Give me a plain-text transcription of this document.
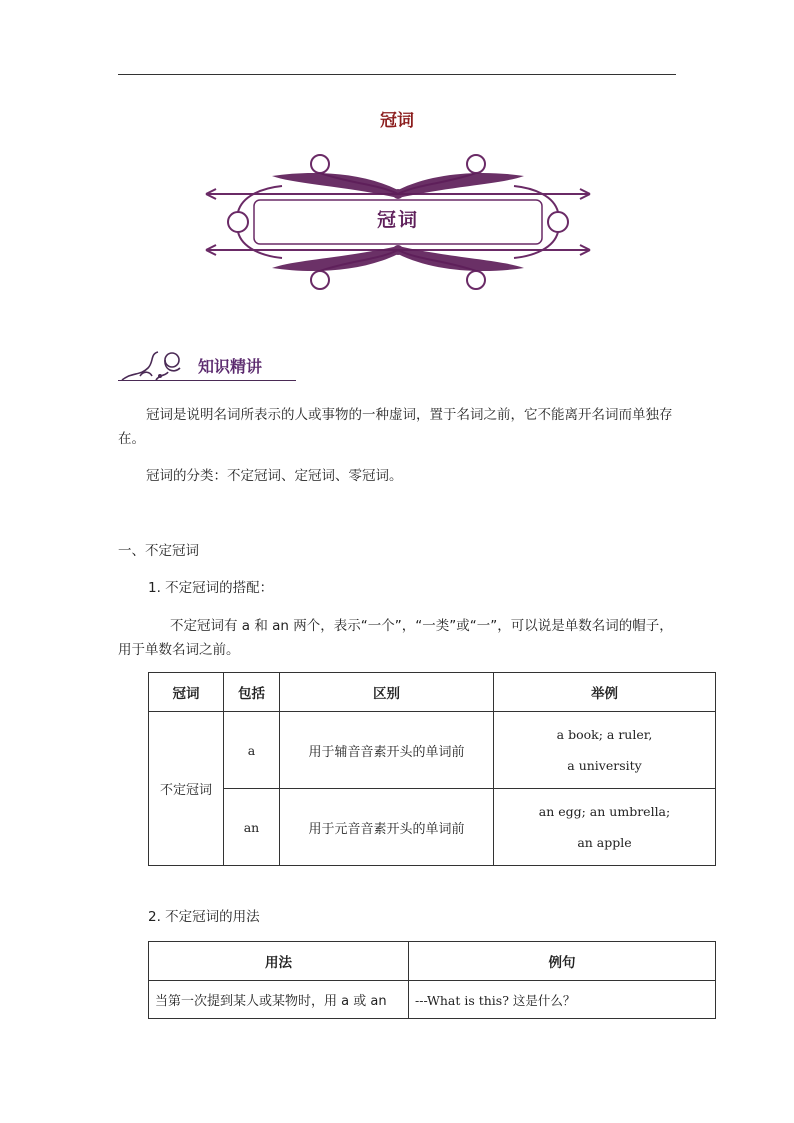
冠词
冠词
知识精讲
冠词是说明名词所表示的人或事物的一种虚词，置于名词之前，它不能离开名词而单独存在。
冠词的分类：不定冠词、定冠词、零冠词。
一、不定冠词
1. 不定冠词的搭配：
不定冠词有 a 和 an 两个，表示“一个”，“一类”或“一”，可以说是单数名词的帽子，用于单数名词之前。
冠词	包括	区别	举例
不定冠词	a	用于辅音音素开头的单词前	a book; a ruler,
a university

	an	用于元音音素开头的单词前	an egg; an umbrella;
an apple
2. 不定冠词的用法
用法	例句
当第一次提到某人或某物时，用 a 或 an	---What is this? 这是什么？
